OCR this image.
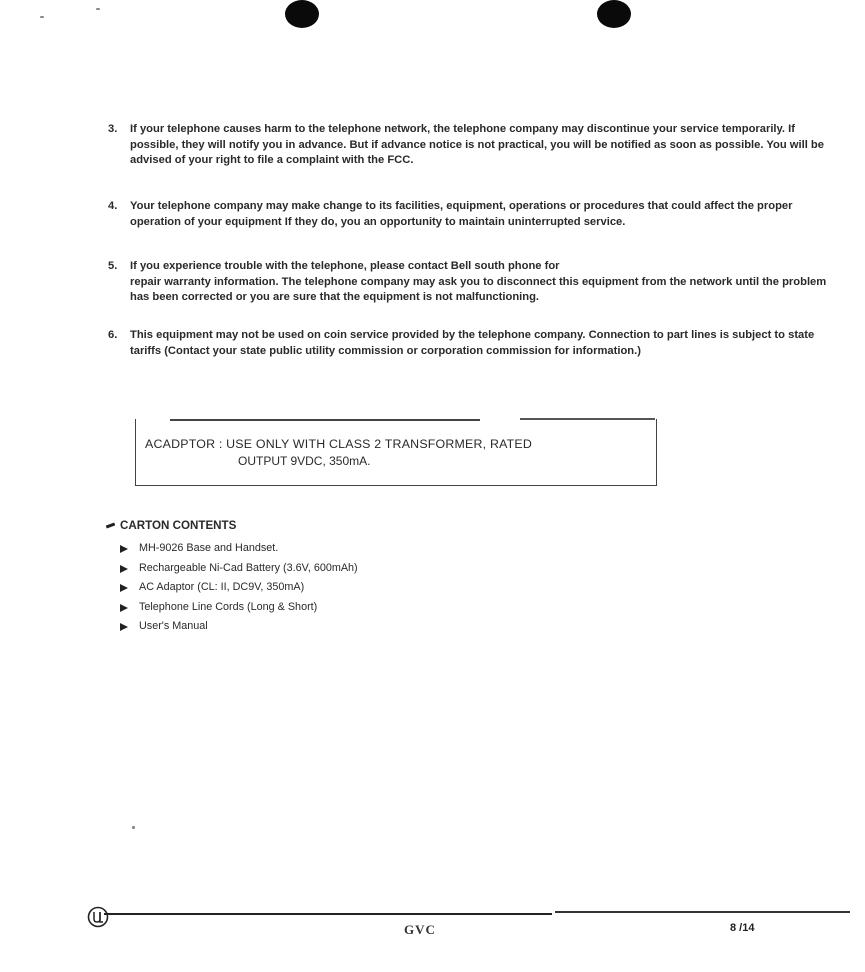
3.	If your telephone causes harm to the telephone network, the telephone company may discontinue your service temporarily. If possible, they will notify you in advance. But if advance notice is not practical, you will be notified as soon as possible. You will be advised of your right to file a complaint with the FCC.
4.	Your telephone company may make change to its facilities, equipment, operations or procedures that could affect the proper operation of your equipment If they do, you an opportunity to maintain uninterrupted service.
5.	If you experience trouble with the telephone, please contact Bell south phone for
repair warranty information. The telephone company may ask you to disconnect this equipment from the network until the problem has been corrected or you are sure that the equipment is not malfunctioning.
6.	This equipment may not be used on coin service provided by the telephone company. Connection to part lines is subject to state tariffs (Contact your state public utility commission or corporation commission for information.)
ACADPTOR : USE ONLY WITH CLASS 2 TRANSFORMER, RATED
OUTPUT 9VDC, 350mA.
CARTON CONTENTS
MH-9026 Base and Handset.
Rechargeable Ni-Cad Battery (3.6V, 600mAh)
AC Adaptor (CL: II, DC9V, 350mA)
Telephone Line Cords (Long & Short)
User's Manual
GVC	8 /14
